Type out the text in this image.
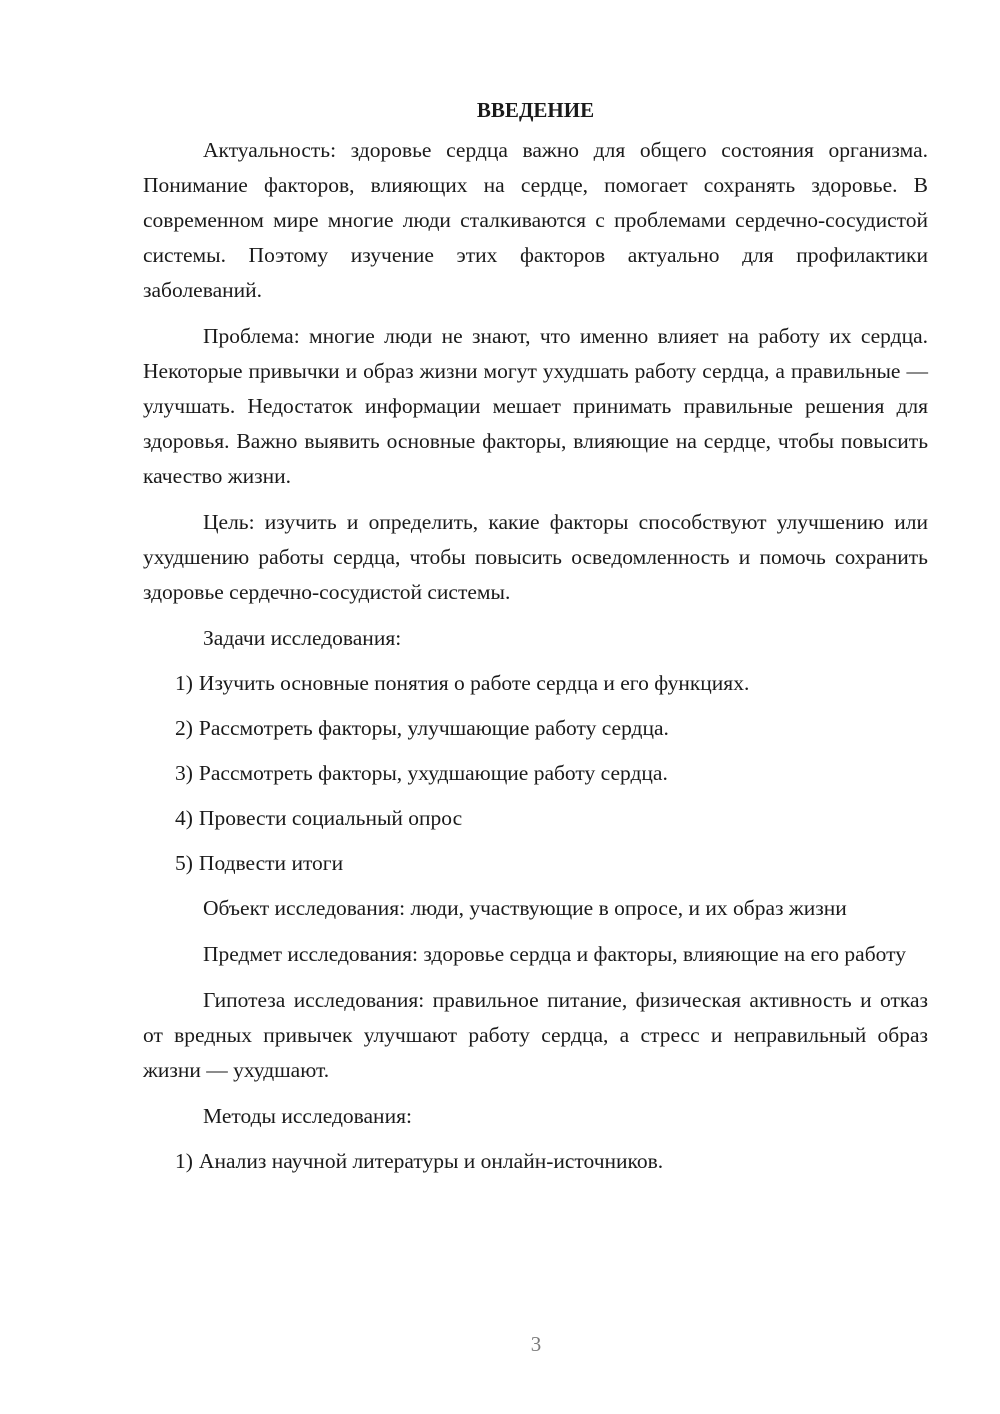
ВВЕДЕНИЕ

Актуальность: здоровье сердца важно для общего состояния организма. Понимание факторов, влияющих на сердце, помогает сохранять здоровье. В современном мире многие люди сталкиваются с проблемами сердечно-сосудистой системы. Поэтому изучение этих факторов актуально для профилактики заболеваний.

Проблема: многие люди не знают, что именно влияет на работу их сердца. Некоторые привычки и образ жизни могут ухудшать работу сердца, а правильные — улучшать. Недостаток информации мешает принимать правильные решения для здоровья. Важно выявить основные факторы, влияющие на сердце, чтобы повысить качество жизни.

Цель: изучить и определить, какие факторы способствуют улучшению или ухудшению работы сердца, чтобы повысить осведомленность и помочь сохранить здоровье сердечно-сосудистой системы.

Задачи исследования:

1) Изучить основные понятия о работе сердца и его функциях.

2) Рассмотреть факторы, улучшающие работу сердца.

3) Рассмотреть факторы, ухудшающие работу сердца.

4) Провести социальный опрос

5) Подвести итоги

Объект исследования: люди, участвующие в опросе, и их образ жизни

Предмет исследования: здоровье сердца и факторы, влияющие на его работу

Гипотеза исследования: правильное питание, физическая активность и отказ от вредных привычек улучшают работу сердца, а стресс и неправильный образ жизни — ухудшают.

Методы исследования:

1) Анализ научной литературы и онлайн-источников.

3
